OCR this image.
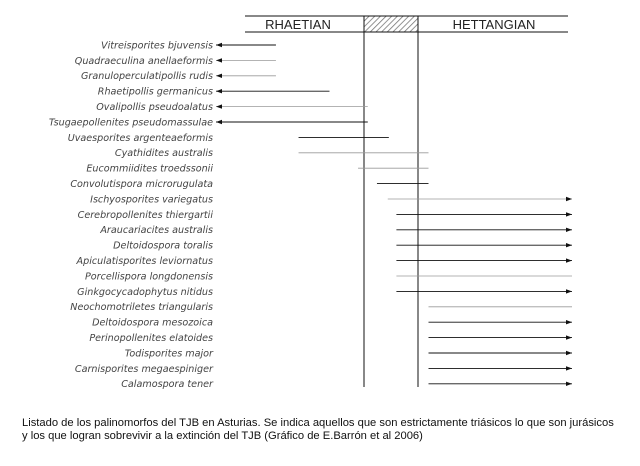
RHAETIAN	HETTANGIAN
Vitreisporites bjuvensis
Quadraeculina anellaeformis
Granuloperculatipollis rudis
Rhaetipollis germanicus
Ovalipollis pseudoalatus
Tsugaepollenites pseudomassulae
Uvaesporites argenteaeformis
Cyathidites australis
Eucommiidites troedssonii
Convolutispora microrugulata
Ischyosporites variegatus
Cerebropollenites thiergartii
Araucariacites australis
Deltoidospora toralis
Apiculatisporites leviornatus
Porcellispora longdonensis
Ginkgocycadophytus nitidus
Neochomotriletes triangularis
Deltoidospora mesozoica
Perinopollenites elatoides
Todisporites major
Carnisporites megaespiniger
Calamospora tener
Listado de los palinomorfos del TJB en Asturias. Se indica aquellos que son estrictamente triásicos lo que son jurásicos y los que logran sobrevivir a la extinción del TJB (Gráfico de E.Barrón et al 2006)
